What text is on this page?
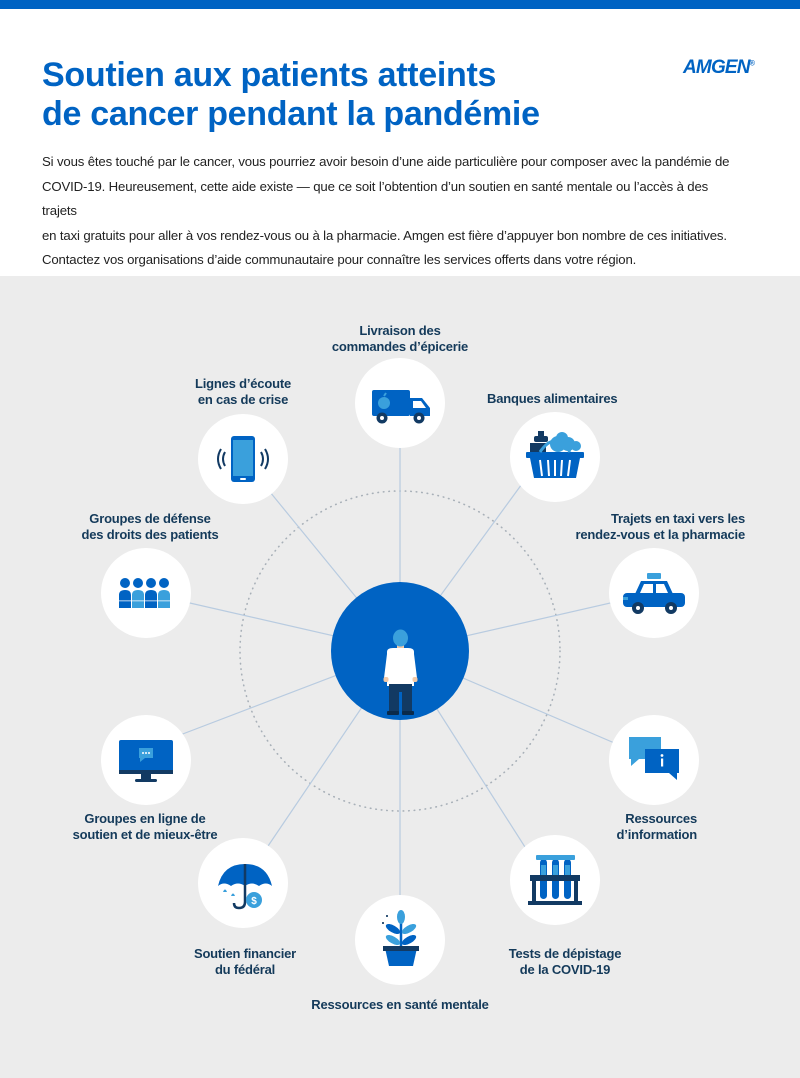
Soutien aux patients atteints
de cancer pendant la pandémie
AMGEN®

Si vous êtes touché par le cancer, vous pourriez avoir besoin d’une aide particulière pour composer avec la pandémie de
COVID-19. Heureusement, cette aide existe — que ce soit l’obtention d’un soutien en santé mentale ou l’accès à des trajets
en taxi gratuits pour aller à vos rendez-vous ou à la pharmacie. Amgen est fière d’appuyer bon nombre de ces initiatives.
Contactez vos organisations d’aide communautaire pour connaître les services offerts dans votre région.

$

Livraison des
commandes d’épicerie

Banques alimentaires

Trajets en taxi vers les
rendez-vous et la pharmacie

Ressources
d’information

Tests de dépistage
de la COVID-19

Ressources en santé mentale

Soutien financier
du fédéral

Groupes en ligne de
soutien et de mieux-être

Groupes de défense
des droits des patients

Lignes d’écoute
en cas de crise
